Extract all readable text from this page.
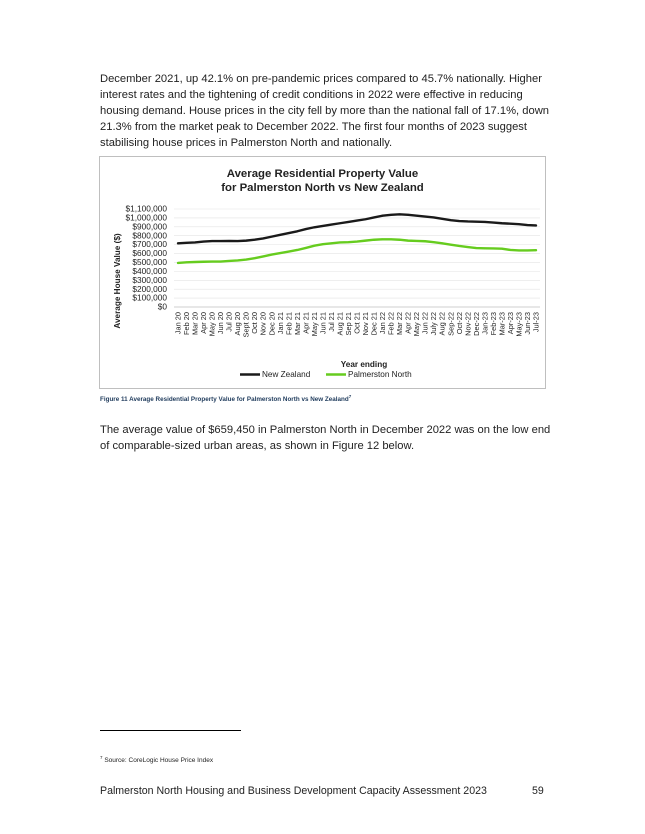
December 2021, up 42.1% on pre-pandemic prices compared to 45.7% nationally. Higher interest rates and the tightening of credit conditions in 2022 were effective in reducing housing demand. House prices in the city fell by more than the national fall of 17.1%, down 21.3% from the market peak to December 2022. The first four months of 2023 suggest stabilising house prices in Palmerston North and nationally.

Average Residential Property Value
for Palmerston North vs New Zealand
$0
$100,000
$200,000
$300,000
$400,000
$500,000
$600,000
$700,000
$800,000
$900,000
$1,000,000
$1,100,000
Jan 20 Feb 20 Mar 20 Apr 20 May 20 Jun 20 Jul 20 Aug 20 Sept 20 Oct 20 Nov 20 Dec 20 Jan 21 Feb 21 Mar 21 Apr 21 May 21 Jun 21 Jul 21 Aug 21 Sep 21 Oct 21 Nov 21 Dec 21 Jan 22 Feb 22 Mar 22 Apr 22 May 22 Jun 22 July 22 Aug 22 Sep-22 Oct-22 Nov-22 Dec-22 Jan-23 Feb-23 Mar-23 Apr-23 May-23 Jun-23 Jul-23
Average House Value ($)
Year ending
New Zealand	Palmerston North
Figure 11 Average Residential Property Value for Palmerston North vs New Zealand$^7$

The average value of $659,450 in Palmerston North in December 2022 was on the low end of comparable-sized urban areas, as shown in Figure 12 below.

$^7$ Source: CoreLogic House Price Index
Palmerston North Housing and Business Development Capacity Assessment 2023	59
